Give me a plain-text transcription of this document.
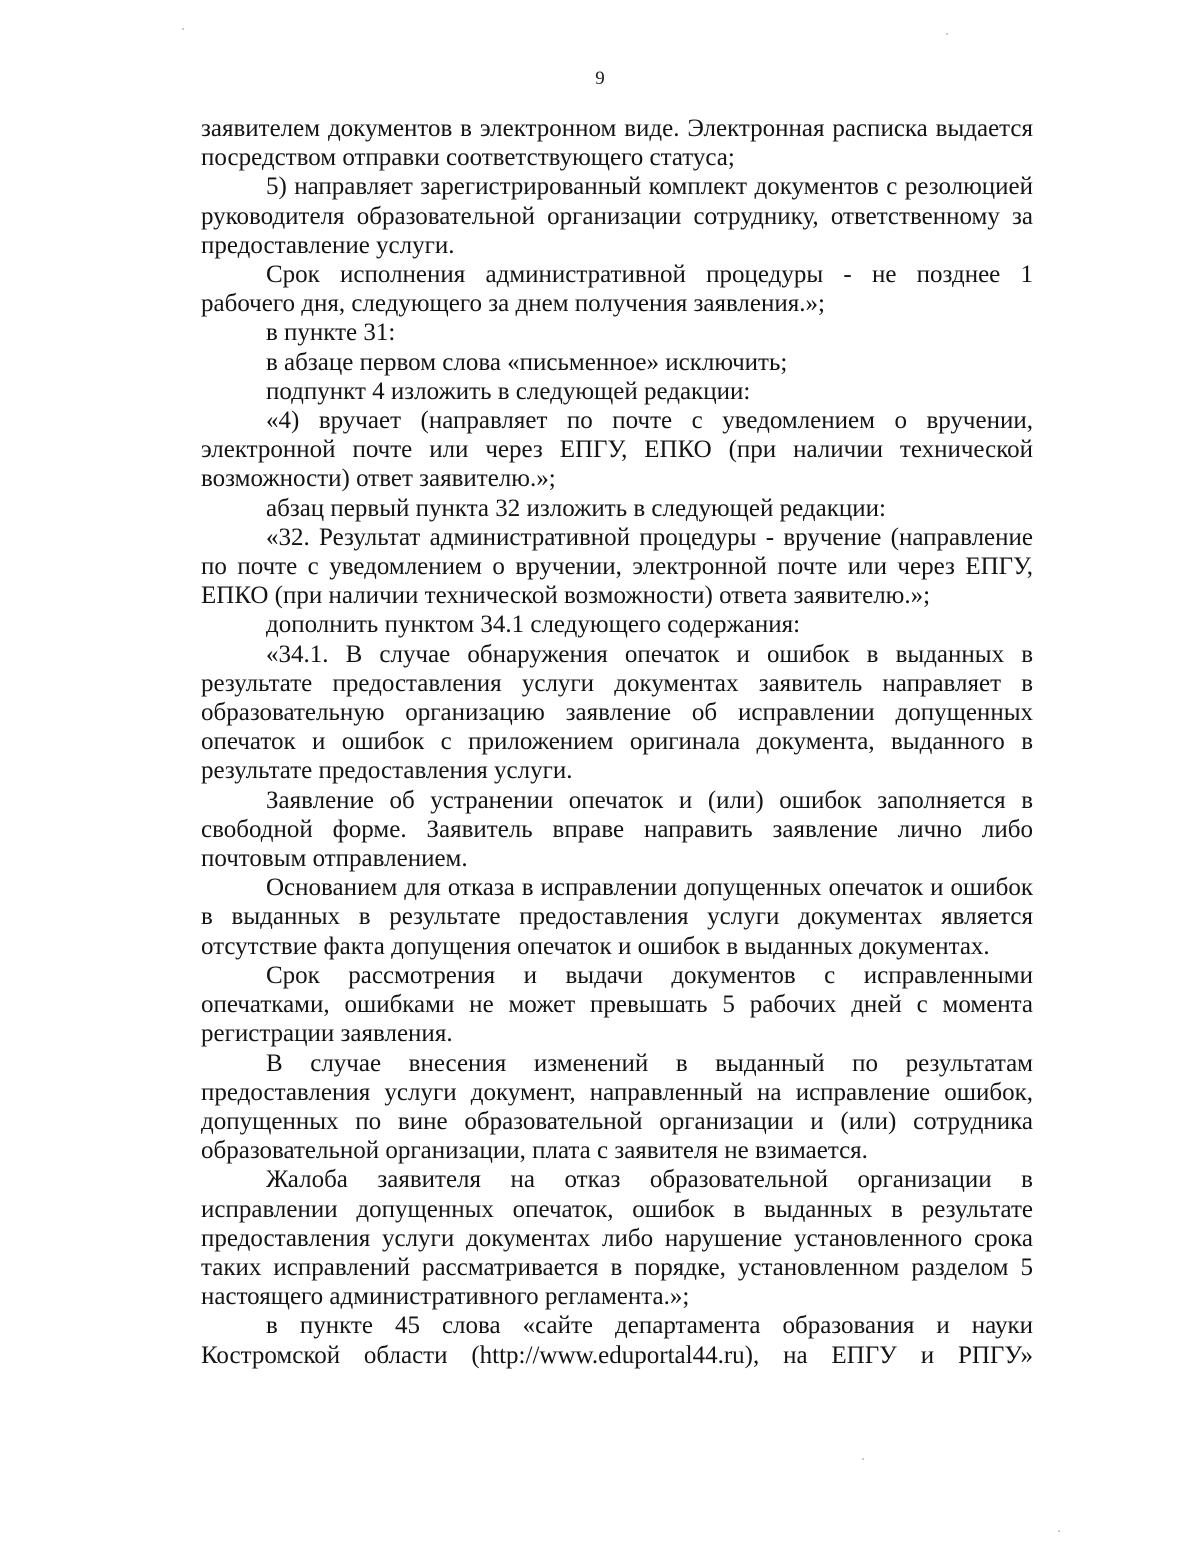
9

заявителем документов в электронном виде. Электронная расписка выдается посредством отправки соответствующего статуса;

5) направляет зарегистрированный комплект документов с резолюцией руководителя образовательной организации сотруднику, ответственному за предоставление услуги.

Срок исполнения административной процедуры - не позднее 1 рабочего дня, следующего за днем получения заявления.»;

в пункте 31:

в абзаце первом слова «письменное» исключить;

подпункт 4 изложить в следующей редакции:

«4) вручает (направляет по почте с уведомлением о вручении, электронной почте или через ЕПГУ, ЕПКО (при наличии технической возможности) ответ заявителю.»;

абзац первый пункта 32 изложить в следующей редакции:

«32. Результат административной процедуры - вручение (направление по почте с уведомлением о вручении, электронной почте или через ЕПГУ, ЕПКО (при наличии технической возможности) ответа заявителю.»;

дополнить пунктом 34.1 следующего содержания:

«34.1. В случае обнаружения опечаток и ошибок в выданных в результате предоставления услуги документах заявитель направляет в образовательную организацию заявление об исправлении допущенных опечаток и ошибок с приложением оригинала документа, выданного в результате предоставления услуги.

Заявление об устранении опечаток и (или) ошибок заполняется в свободной форме. Заявитель вправе направить заявление лично либо почтовым отправлением.

Основанием для отказа в исправлении допущенных опечаток и ошибок в выданных в результате предоставления услуги документах является отсутствие факта допущения опечаток и ошибок в выданных документах.

Срок рассмотрения и выдачи документов с исправленными опечатками, ошибками не может превышать 5 рабочих дней с момента регистрации заявления.

В случае внесения изменений в выданный по результатам предоставления услуги документ, направленный на исправление ошибок, допущенных по вине образовательной организации и (или) сотрудника образовательной организации, плата с заявителя не взимается.

Жалоба заявителя на отказ образовательной организации в исправлении допущенных опечаток, ошибок в выданных в результате предоставления услуги документах либо нарушение установленного срока таких исправлений рассматривается в порядке, установленном разделом 5 настоящего административного регламента.»;

в пункте 45 слова «сайте департамента образования и науки Костромской области (http://www.eduportal44.ru), на ЕПГУ и РПГУ»
